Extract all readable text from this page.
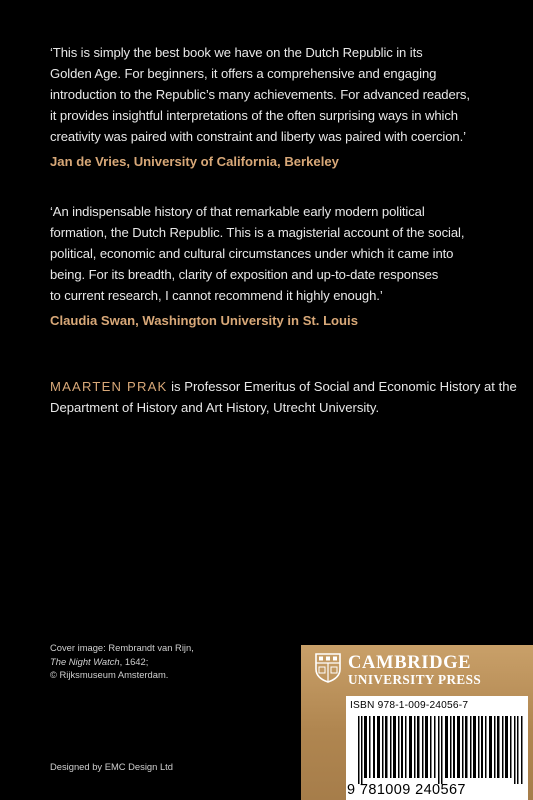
‘This is simply the best book we have on the Dutch Republic in its
Golden Age. For beginners, it offers a comprehensive and engaging
introduction to the Republic’s many achievements. For advanced readers,
it provides insightful interpretations of the often surprising ways in which
creativity was paired with constraint and liberty was paired with coercion.’

Jan de Vries, University of California, Berkeley

‘An indispensable history of that remarkable early modern political
formation, the Dutch Republic. This is a magisterial account of the social,
political, economic and cultural circumstances under which it came into
being. For its breadth, clarity of exposition and up-to-date responses
to current research, I cannot recommend it highly enough.’

Claudia Swan, Washington University in St. Louis

MAARTEN PRAK is Professor Emeritus of Social and Economic History at the Department of History and Art History, Utrecht University.

Cover image: Rembrandt van Rijn,
The Night Watch, 1642;
© Rijksmuseum Amsterdam.

Designed by EMC Design Ltd

CAMBRIDGE

UNIVERSITY PRESS

ISBN 978-1-009-24056-7

9 781009 240567
